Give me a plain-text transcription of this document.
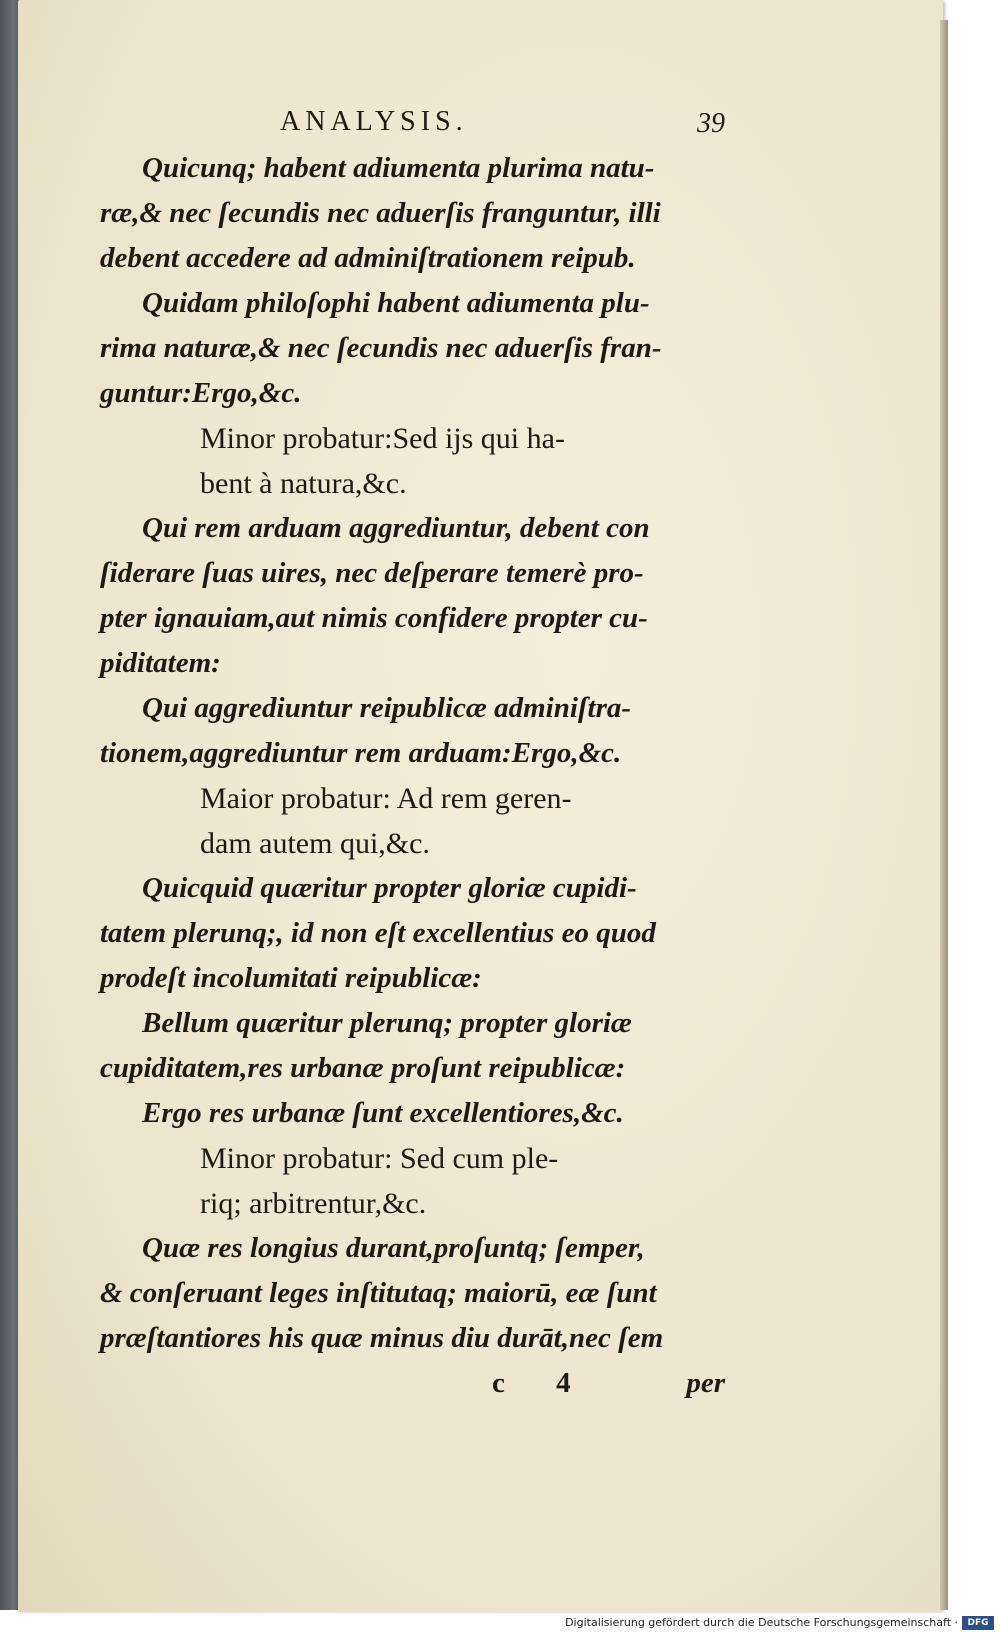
ANALYSIS.	39
Quicunq; habent adiumenta plurima natu-
ræ,& nec ſecundis nec aduerſis franguntur, illi
debent accedere ad adminiſtrationem reipub.
Quidam philoſophi habent adiumenta plu-
rima naturæ,& nec ſecundis nec aduerſis fran-
guntur:Ergo,&c.
Minor probatur:Sed ijs qui ha-
bent à natura,&c.
Qui rem arduam aggrediuntur, debent con
ſiderare ſuas uires, nec deſperare temerè pro-
pter ignauiam,aut nimis confidere propter cu-
piditatem:
Qui aggrediuntur reipublicæ adminiſtra-
tionem,aggrediuntur rem arduam:Ergo,&c.
Maior probatur: Ad rem geren-
dam autem qui,&c.
Quicquid quæritur propter gloriæ cupidi-
tatem plerunq;, id non eſt excellentius eo quod
prodeſt incolumitati reipublicæ:
Bellum quæritur plerunq; propter gloriæ
cupiditatem,res urbanæ proſunt reipublicæ:
Ergo res urbanæ ſunt excellentiores,&c.
Minor probatur: Sed cum ple-
riq; arbitrentur,&c.
Quæ res longius durant,proſuntq; ſemper,
& conſeruant leges inſtitutaq; maiorū, eæ ſunt
præſtantiores his quæ minus diu durāt,nec ſem
c 4	per
Digitalisierung gefördert durch die Deutsche Forschungsgemeinschaft ·	DFG
